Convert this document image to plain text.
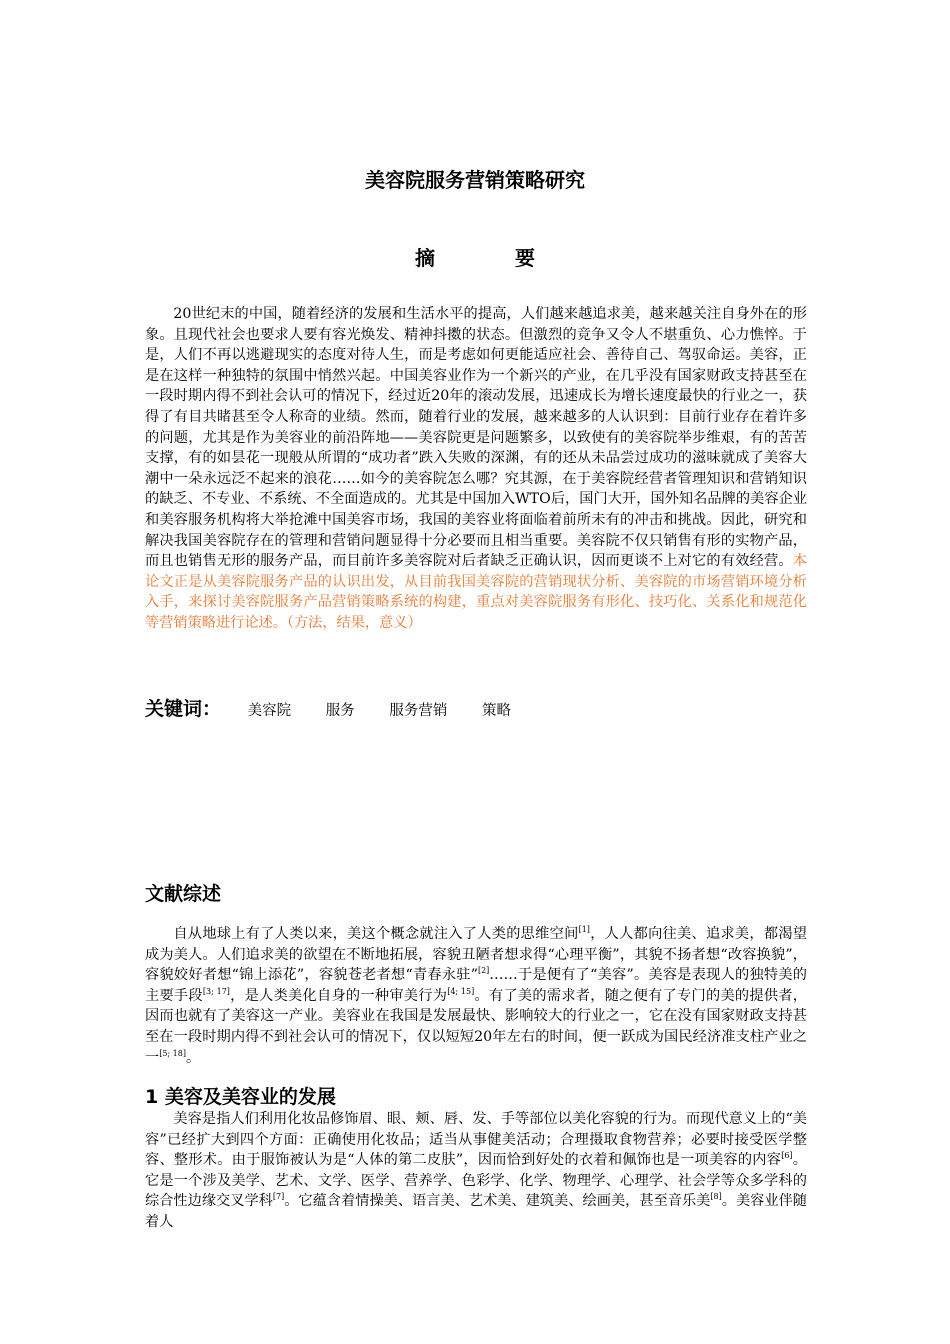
美容院服务营销策略研究
摘	要

20世纪末的中国，随着经济的发展和生活水平的提高，人们越来越追求美，越来越关注自身外在的形象。且现代社会也要求人要有容光焕发、精神抖擞的状态。但激烈的竞争又令人不堪重负、心力憔悴。于是，人们不再以逃避现实的态度对待人生，而是考虑如何更能适应社会、善待自己、驾驭命运。美容，正是在这样一种独特的氛围中悄然兴起。中国美容业作为一个新兴的产业，在几乎没有国家财政支持甚至在一段时期内得不到社会认可的情况下，经过近20年的滚动发展，迅速成长为增长速度最快的行业之一，获得了有目共睹甚至令人称奇的业绩。然而，随着行业的发展，越来越多的人认识到：目前行业存在着许多的问题，尤其是作为美容业的前沿阵地——美容院更是问题繁多，以致使有的美容院举步维艰，有的苦苦支撑，有的如昙花一现般从所谓的“成功者”跌入失败的深渊，有的还从未品尝过成功的滋味就成了美容大潮中一朵永远泛不起来的浪花……如今的美容院怎么哪？究其源，在于美容院经营者管理知识和营销知识的缺乏、不专业、不系统、不全面造成的。尤其是中国加入WTO后，国门大开，国外知名品牌的美容企业和美容服务机构将大举抢滩中国美容市场，我国的美容业将面临着前所未有的冲击和挑战。因此，研究和解决我国美容院存在的管理和营销问题显得十分必要而且相当重要。美容院不仅只销售有形的实物产品，而且也销售无形的服务产品，而目前许多美容院对后者缺乏正确认识，因而更谈不上对它的有效经营。本论文正是从美容院服务产品的认识出发，从目前我国美容院的营销现状分析、美容院的市场营销环境分析入手，来探讨美容院服务产品营销策略系统的构建，重点对美容院服务有形化、技巧化、关系化和规范化等营销策略进行论述。（方法，结果，意义）

关键词： 美容院 服务 服务营销 策略
文献综述

自从地球上有了人类以来，美这个概念就注入了人类的思维空间[1]，人人都向往美、追求美，都渴望成为美人。人们追求美的欲望在不断地拓展，容貌丑陋者想求得“心理平衡”，其貌不扬者想“改容换貌”，容貌姣好者想“锦上添花”，容貌苍老者想“青春永驻”[2]……于是便有了“美容”。美容是表现人的独特美的主要手段[3; 17]，是人类美化自身的一种审美行为[4; 15]。有了美的需求者，随之便有了专门的美的提供者，因而也就有了美容这一产业。美容业在我国是发展最快、影响较大的行业之一，它在没有国家财政支持甚至在一段时期内得不到社会认可的情况下，仅以短短20年左右的时间，便一跃成为国民经济准支柱产业之一[5; 18]。

1 美容及美容业的发展

美容是指人们利用化妆品修饰眉、眼、颊、唇、发、手等部位以美化容貌的行为。而现代意义上的“美容”已经扩大到四个方面：正确使用化妆品；适当从事健美活动；合理摄取食物营养；必要时接受医学整容、整形术。由于服饰被认为是“人体的第二皮肤”，因而恰到好处的衣着和佩饰也是一项美容的内容[6]。它是一个涉及美学、艺术、文学、医学、营养学、色彩学、化学、物理学、心理学、社会学等众多学科的综合性边缘交叉学科[7]。它蕴含着情操美、语言美、艺术美、建筑美、绘画美，甚至音乐美[8]。美容业伴随着人
